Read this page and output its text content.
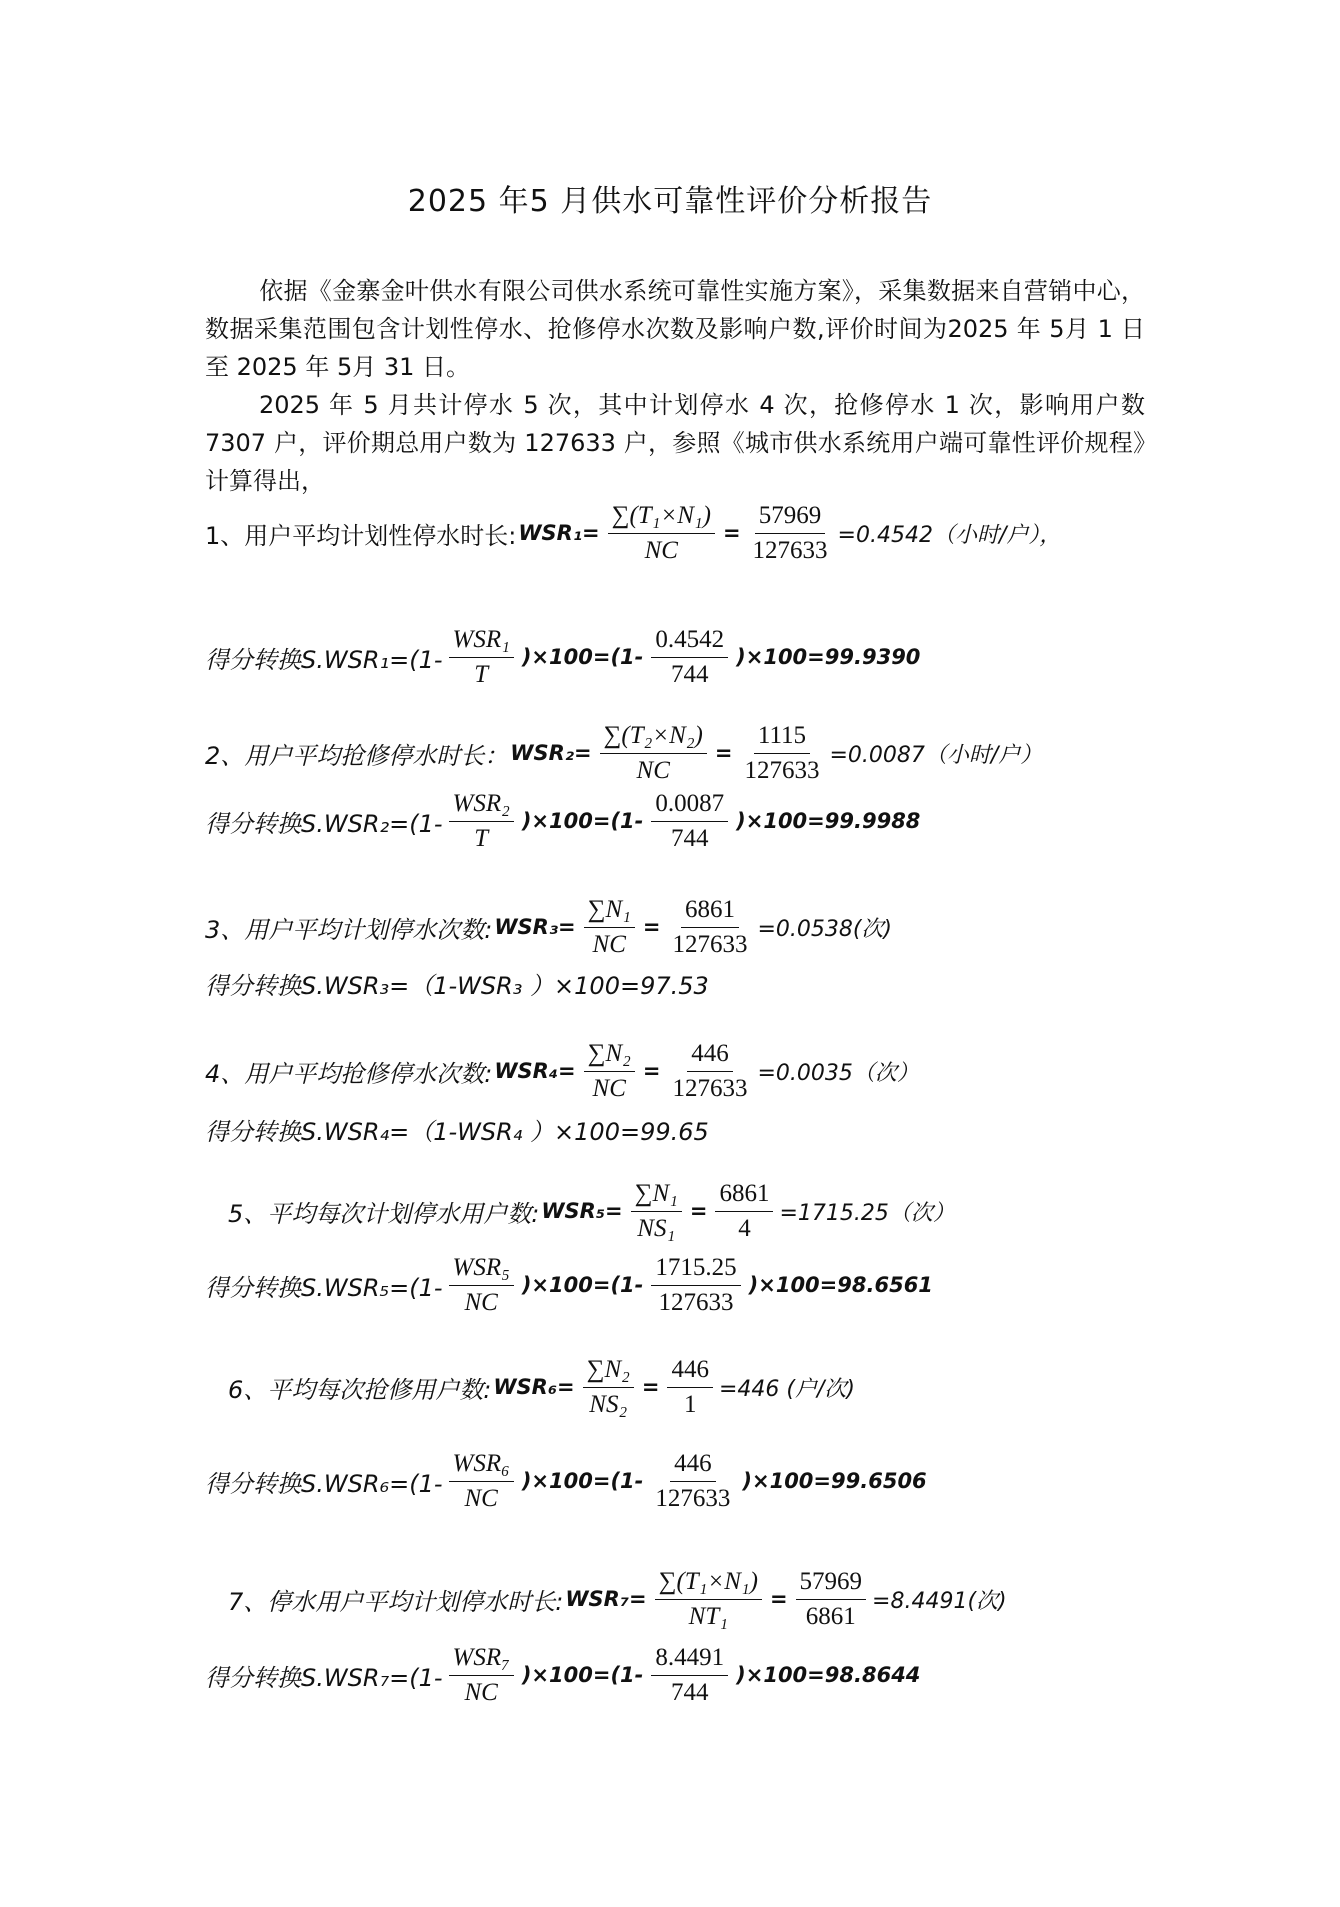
2025 年5 月供水可靠性评价分析报告
依据《金寨金叶供水有限公司供水系统可靠性实施方案》，采集数据来自营销中心，数据采集范围包含计划性停水、抢修停水次数及影响户数,评价时间为2025 年 5月 1 日至 2025 年 5月 31 日。
2025 年 5 月共计停水 5 次，其中计划停水 4 次，抢修停水 1 次，影响用户数 7307 户，评价期总用户数为 127633 户，参照《城市供水系统用户端可靠性评价规程》计算得出，
1、用户平均计划性停水时长: $WSR_1= \frac{\text{∑(T₁×N₁)}}{NC} = \frac{57969}{127633} =0.4542$（小时/户），
得分转换$S.WSR_1=(1- \frac{\text{WSR₁}}{T} )\times 100=(1- \frac{0.4542}{744} )\times 100=99.9390$
2、用户平均抢修停水时长： $WSR_2= \frac{\text{∑(T₂×N₂)}}{NC} = \frac{1115}{127633} =0.0087$（小时/户）
得分转换$S.WSR_2=(1- \frac{\text{WSR₂}}{T} )\times 100=(1- \frac{0.0087}{744} )\times 100=99.9988$
3、用户平均计划停水次数: $WSR_3= \frac{\text{∑N₁}}{NC} = \frac{6861}{127633} =0.0538$(次)
得分转换S.WSR₃=（1-WSR₃ ）×100=97.53
4、用户平均抢修停水次数: $WSR_4= \frac{\text{∑N₂}}{NC} = \frac{446}{127633} =0.0035$（次）
得分转换S.WSR₄=（1-WSR₄ ）×100=99.65
5、平均每次计划停水用户数: $WSR_5= \frac{\text{∑N₁}}{\text{NS₁}} = \frac{6861}{4} =1715.25$（次）
得分转换$S.WSR_5=(1- \frac{\text{WSR₅}}{NC} )\times 100=(1- \frac{1715.25}{127633} )\times 100=98.6561$
6、平均每次抢修用户数: $WSR_6= \frac{\text{∑N₂}}{\text{NS₂}} = \frac{446}{1} =446$ (户/次)
得分转换$S.WSR_6=(1- \frac{\text{WSR₆}}{NC} )\times 100=(1- \frac{446}{127633} )\times 100=99.6506$
7、停水用户平均计划停水时长: $WSR_7= \frac{\text{∑(T₁×N₁)}}{\text{NT₁}} = \frac{57969}{6861} =8.4491$(次)
得分转换$S.WSR_7=(1- \frac{\text{WSR₇}}{NC} )\times 100=(1- \frac{8.4491}{744} )\times 100=98.8644$
